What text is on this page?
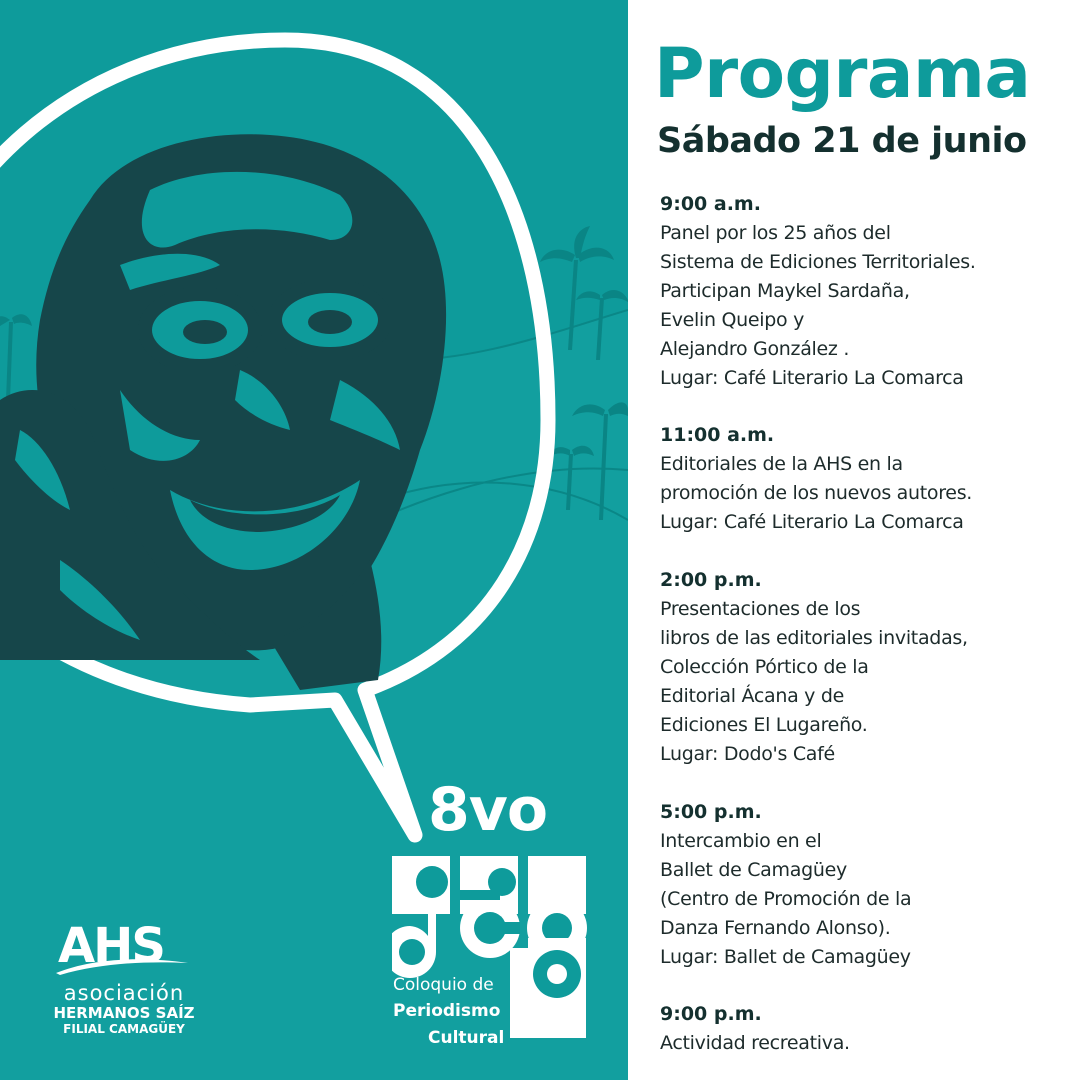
8vo
Coloquio de
Periodismo
Cultural
AHS
asociación
HERMANOS SAÍZ
FILIAL CAMAGÜEY
Programa
Sábado 21 de junio
9:00 a.m.
Panel por los 25 años del
Sistema de Ediciones Territoriales.
Participan Maykel Sardaña,
Evelin Queipo y
Alejandro González .
Lugar: Café Literario La Comarca
11:00 a.m.
Editoriales de la AHS en la
promoción de los nuevos autores.
Lugar: Café Literario La Comarca
2:00 p.m.
Presentaciones de los
libros de las editoriales invitadas,
Colección Pórtico de la
Editorial Ácana y de
Ediciones El Lugareño.
Lugar: Dodo's Café
5:00 p.m.
Intercambio en el
Ballet de Camagüey
(Centro de Promoción de la
Danza Fernando Alonso).
Lugar: Ballet de Camagüey
9:00 p.m.
Actividad recreativa.
